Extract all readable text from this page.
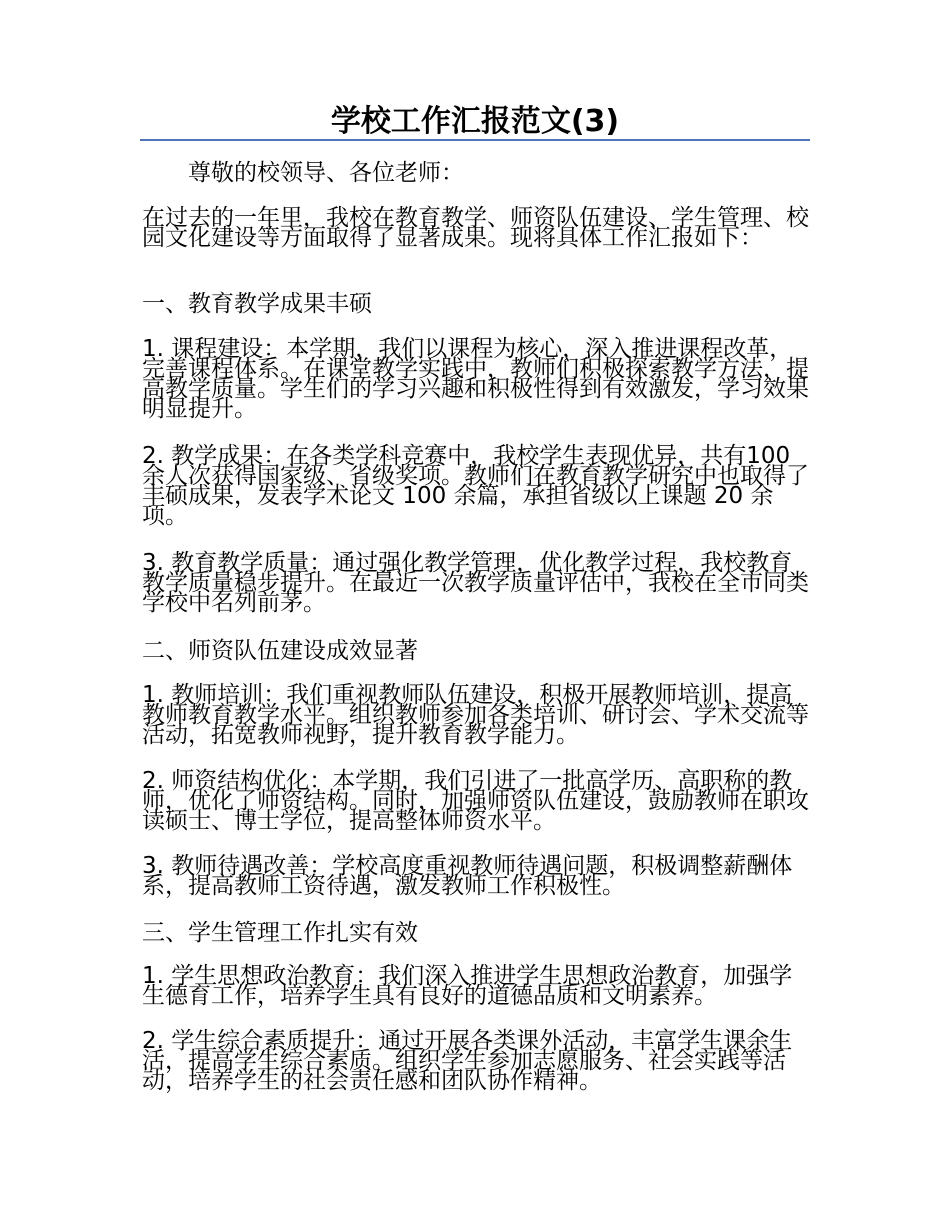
学校工作汇报范文(3)

尊敬的校领导、各位老师：

在过去的一年里，我校在教育教学、师资队伍建设、学生管理、校园文化建设等方面取得了显著成果。现将具体工作汇报如下：

一、教育教学成果丰硕

1. 课程建设：本学期，我们以课程为核心，深入推进课程改革，完善课程体系。在课堂教学实践中，教师们积极探索教学方法，提高教学质量。学生们的学习兴趣和积极性得到有效激发，学习效果明显提升。

2. 教学成果：在各类学科竞赛中，我校学生表现优异，共有100 余人次获得国家级、省级奖项。教师们在教育教学研究中也取得了丰硕成果，发表学术论文 100 余篇，承担省级以上课题 20 余项。

3. 教育教学质量：通过强化教学管理，优化教学过程，我校教育教学质量稳步提升。在最近一次教学质量评估中，我校在全市同类学校中名列前茅。

二、师资队伍建设成效显著

1. 教师培训：我们重视教师队伍建设，积极开展教师培训，提高教师教育教学水平。组织教师参加各类培训、研讨会、学术交流等活动，拓宽教师视野，提升教育教学能力。

2. 师资结构优化：本学期，我们引进了一批高学历、高职称的教师，优化了师资结构。同时，加强师资队伍建设，鼓励教师在职攻读硕士、博士学位，提高整体师资水平。

3. 教师待遇改善：学校高度重视教师待遇问题，积极调整薪酬体系，提高教师工资待遇，激发教师工作积极性。

三、学生管理工作扎实有效

1. 学生思想政治教育：我们深入推进学生思想政治教育，加强学生德育工作，培养学生具有良好的道德品质和文明素养。

2. 学生综合素质提升：通过开展各类课外活动，丰富学生课余生活，提高学生综合素质。组织学生参加志愿服务、社会实践等活动，培养学生的社会责任感和团队协作精神。
